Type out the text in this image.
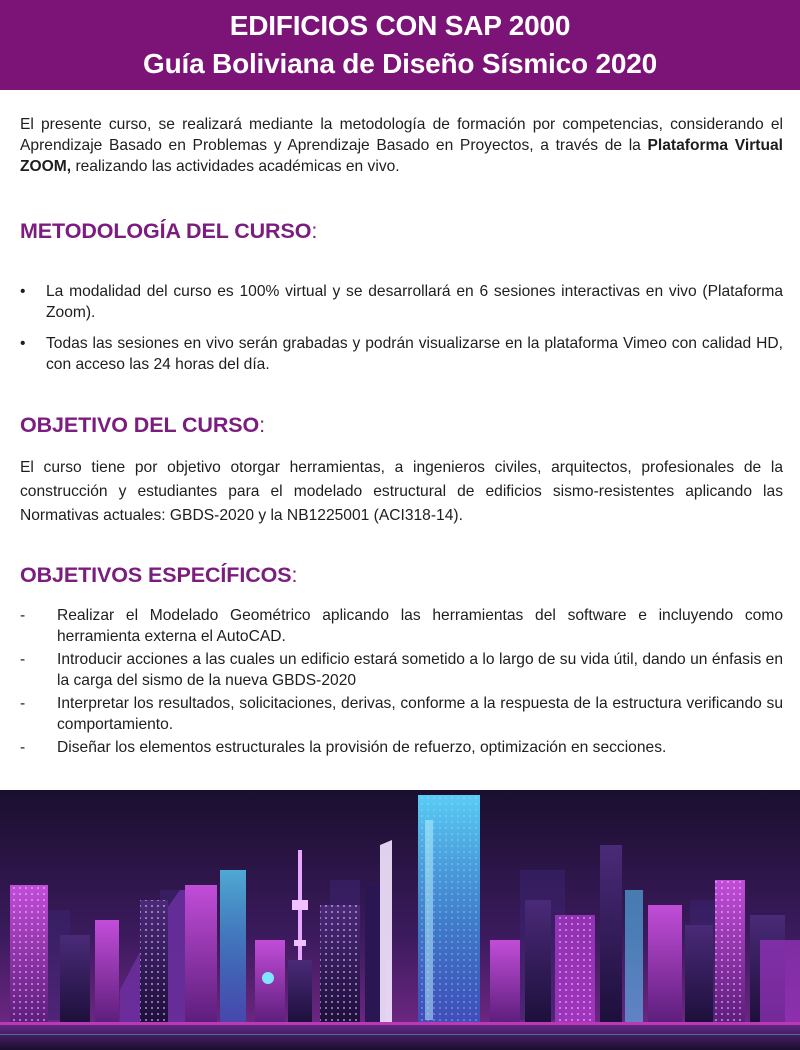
EDIFICIOS CON SAP 2000
Guía Boliviana de Diseño Sísmico 2020

El presente curso, se realizará mediante la metodología de formación por competencias, considerando el Aprendizaje Basado en Problemas y Aprendizaje Basado en Proyectos, a través de la Plataforma Virtual ZOOM, realizando las actividades académicas en vivo.

METODOLOGÍA DEL CURSO:
• La modalidad del curso es 100% virtual y se desarrollará en 6 sesiones interactivas en vivo (Plataforma Zoom).
• Todas las sesiones en vivo serán grabadas y podrán visualizarse en la plataforma Vimeo con calidad HD, con acceso las 24 horas del día.
OBJETIVO DEL CURSO:

El curso tiene por objetivo otorgar herramientas, a ingenieros civiles, arquitectos, profesionales de la construcción y estudiantes para el modelado estructural de edificios sismo-resistentes aplicando las Normativas actuales: GBDS-2020 y la NB1225001 (ACI318-14).

OBJETIVOS ESPECÍFICOS:
- Realizar el Modelado Geométrico aplicando las herramientas del software e incluyendo como herramienta externa el AutoCAD.
- Introducir acciones a las cuales un edificio estará sometido a lo largo de su vida útil, dando un énfasis en la carga del sismo de la nueva GBDS-2020
- Interpretar los resultados, solicitaciones, derivas, conforme a la respuesta de la estructura verificando su comportamiento.
- Diseñar los elementos estructurales la provisión de refuerzo, optimización en secciones.
